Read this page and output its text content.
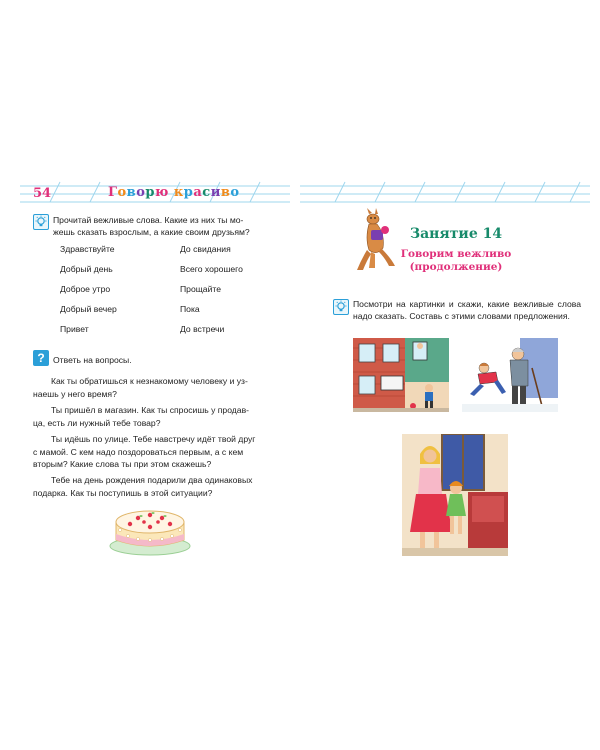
54	Говорю красиво
Прочитай вежливые слова. Какие из них ты мо-
жешь сказать взрослым, а какие своим друзьям?
Здравствуйте	До свидания
Добрый день	Всего хорошего
Доброе утро	Прощайте
Добрый вечер	Пока
Привет	До встречи
? Ответь на вопросы.
Как ты обратишься к незнакомому человеку и уз-
наешь у него время?
Ты пришёл в магазин. Как ты спросишь у продав-
ца, есть ли нужный тебе товар?
Ты идёшь по улице. Тебе навстречу идёт твой друг
с мамой. С кем надо поздороваться первым, а с кем
вторым? Какие слова ты при этом скажешь?
Тебе на день рождения подарили два одинаковых
подарка. Как ты поступишь в этой ситуации?
Занятие 14
Говорим вежливо
(продолжение)
Посмотри на картинки и скажи, какие вежливые слова надо сказать. Составь с этими словами предложения.
